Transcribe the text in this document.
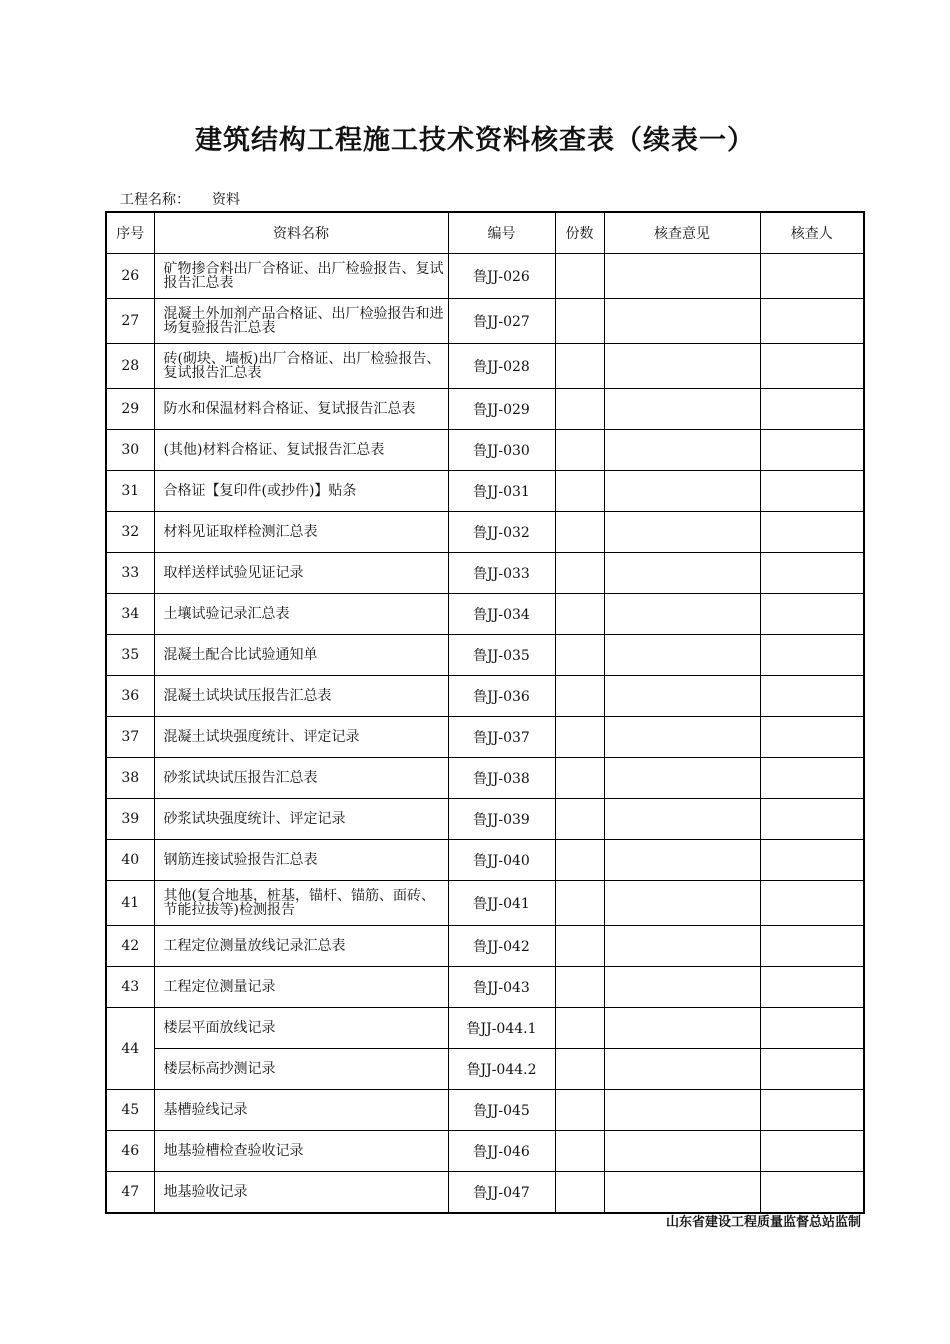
建筑结构工程施工技术资料核查表（续表一）
工程名称： 资料
序号	资料名称	编号	份数	核查意见	核查人
26	矿物掺合料出厂合格证、出厂检验报告、复试报告汇总表	鲁JJ-026			
27	混凝土外加剂产品合格证、出厂检验报告和进场复验报告汇总表	鲁JJ-027			
28	砖(砌块、墙板)出厂合格证、出厂检验报告、复试报告汇总表	鲁JJ-028			
29	防水和保温材料合格证、复试报告汇总表	鲁JJ-029			
30	(其他)材料合格证、复试报告汇总表	鲁JJ-030			
31	合格证【复印件(或抄件)】贴条	鲁JJ-031			
32	材料见证取样检测汇总表	鲁JJ-032			
33	取样送样试验见证记录	鲁JJ-033			
34	土壤试验记录汇总表	鲁JJ-034			
35	混凝土配合比试验通知单	鲁JJ-035			
36	混凝土试块试压报告汇总表	鲁JJ-036			
37	混凝土试块强度统计、评定记录	鲁JJ-037			
38	砂浆试块试压报告汇总表	鲁JJ-038			
39	砂浆试块强度统计、评定记录	鲁JJ-039			
40	钢筋连接试验报告汇总表	鲁JJ-040			
41	其他(复合地基，桩基，锚杆、锚筋、面砖、节能拉拔等)检测报告	鲁JJ-041			
42	工程定位测量放线记录汇总表	鲁JJ-042			
43	工程定位测量记录	鲁JJ-043			
44	楼层平面放线记录	鲁JJ-044.1			
	楼层标高抄测记录	鲁JJ-044.2			
45	基槽验线记录	鲁JJ-045			
46	地基验槽检查验收记录	鲁JJ-046			
47	地基验收记录	鲁JJ-047			
山东省建设工程质量监督总站监制
